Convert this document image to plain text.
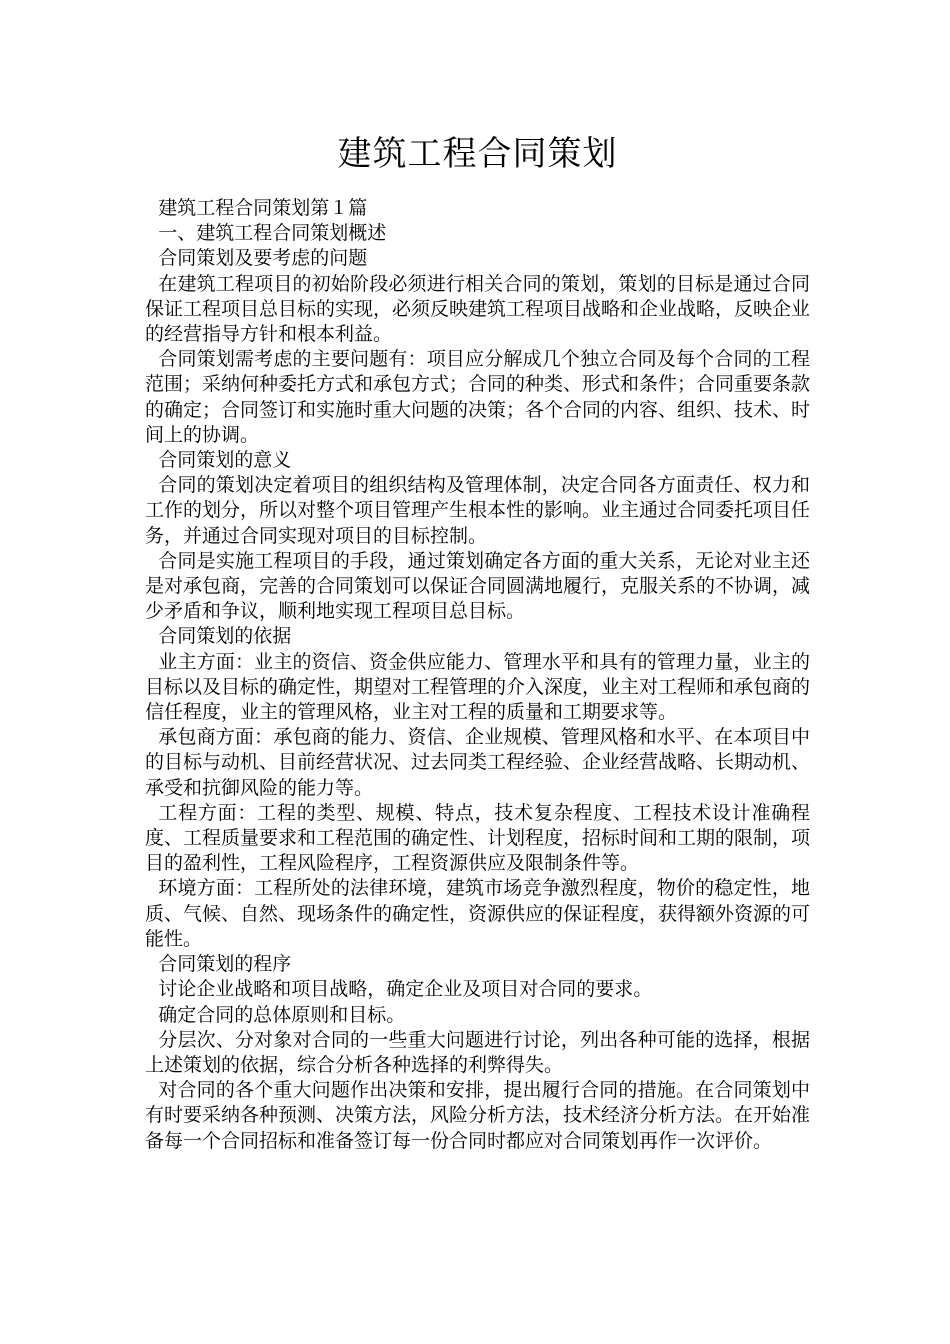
建筑工程合同策划

建筑工程合同策划第１篇

一、建筑工程合同策划概述

合同策划及要考虑的问题

在建筑工程项目的初始阶段必须进行相关合同的策划，策划的目标是通过合同保证工程项目总目标的实现，必须反映建筑工程项目战略和企业战略，反映企业的经营指导方针和根本利益。

合同策划需考虑的主要问题有：项目应分解成几个独立合同及每个合同的工程范围；采纳何种委托方式和承包方式；合同的种类、形式和条件；合同重要条款的确定；合同签订和实施时重大问题的决策；各个合同的内容、组织、技术、时间上的协调。

合同策划的意义

合同的策划决定着项目的组织结构及管理体制，决定合同各方面责任、权力和工作的划分，所以对整个项目管理产生根本性的影响。业主通过合同委托项目任务，并通过合同实现对项目的目标控制。

合同是实施工程项目的手段，通过策划确定各方面的重大关系，无论对业主还是对承包商，完善的合同策划可以保证合同圆满地履行，克服关系的不协调，减少矛盾和争议，顺利地实现工程项目总目标。

合同策划的依据

业主方面：业主的资信、资金供应能力、管理水平和具有的管理力量，业主的目标以及目标的确定性，期望对工程管理的介入深度，业主对工程师和承包商的信任程度，业主的管理风格，业主对工程的质量和工期要求等。

承包商方面：承包商的能力、资信、企业规模、管理风格和水平、在本项目中的目标与动机、目前经营状况、过去同类工程经验、企业经营战略、长期动机、承受和抗御风险的能力等。

工程方面：工程的类型、规模、特点，技术复杂程度、工程技术设计准确程度、工程质量要求和工程范围的确定性、计划程度，招标时间和工期的限制，项目的盈利性，工程风险程序，工程资源供应及限制条件等。

环境方面：工程所处的法律环境，建筑市场竞争激烈程度，物价的稳定性，地质、气候、自然、现场条件的确定性，资源供应的保证程度，获得额外资源的可能性。

合同策划的程序

讨论企业战略和项目战略，确定企业及项目对合同的要求。

确定合同的总体原则和目标。

分层次、分对象对合同的一些重大问题进行讨论，列出各种可能的选择，根据上述策划的依据，综合分析各种选择的利弊得失。

对合同的各个重大问题作出决策和安排，提出履行合同的措施。在合同策划中有时要采纳各种预测、决策方法，风险分析方法，技术经济分析方法。在开始准备每一个合同招标和准备签订每一份合同时都应对合同策划再作一次评价。
